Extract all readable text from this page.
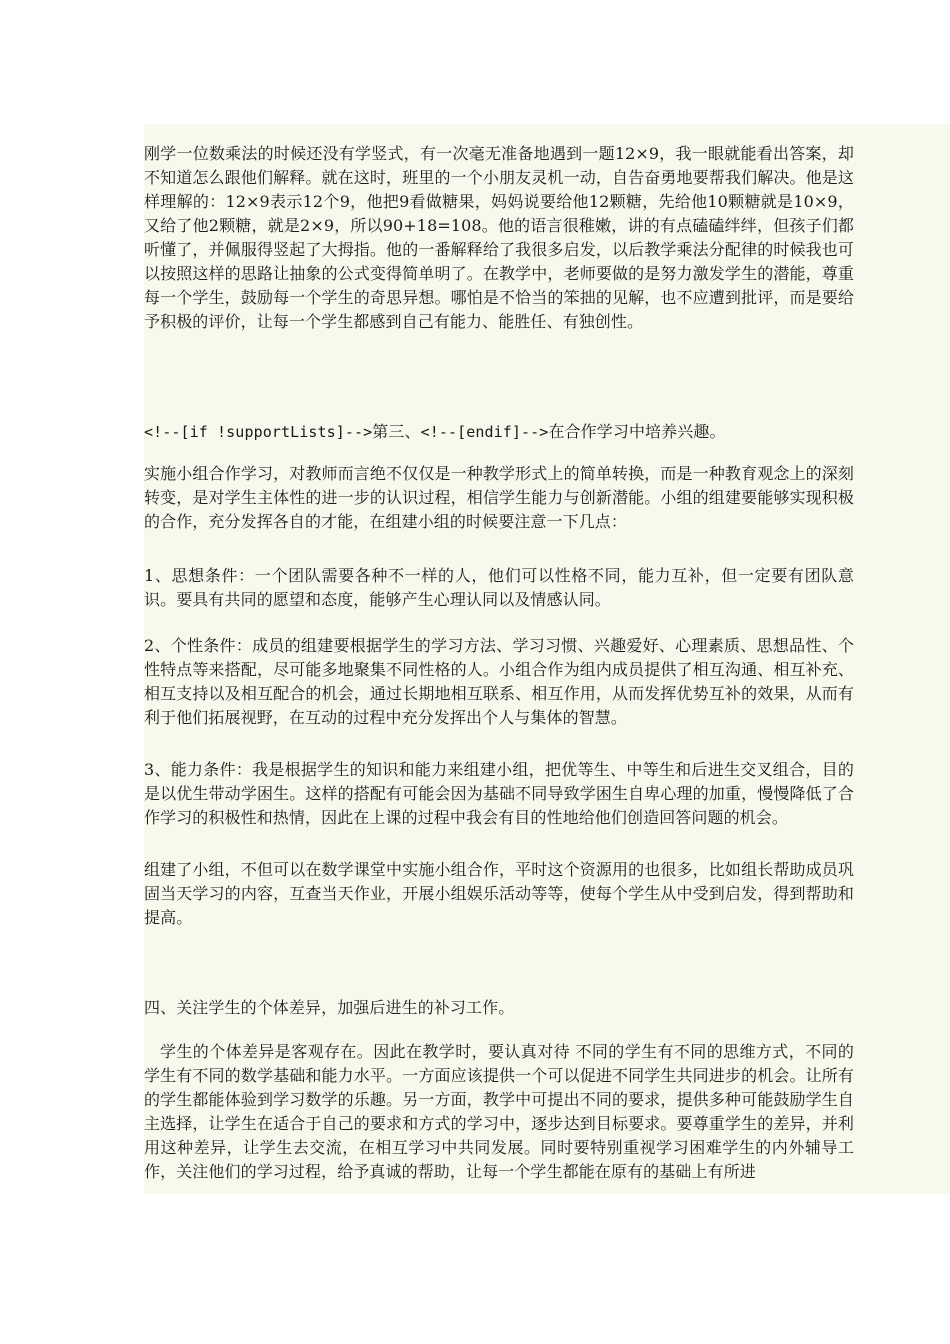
刚学一位数乘法的时候还没有学竖式，有一次毫无准备地遇到一题12×9，我一眼就能看出答案，却不知道怎么跟他们解释。就在这时，班里的一个小朋友灵机一动，自告奋勇地要帮我们解决。他是这样理解的：12×9表示12个9，他把9看做糖果，妈妈说要给他12颗糖，先给他10颗糖就是10×9，又给了他2颗糖，就是2×9，所以90+18=108。他的语言很稚嫩，讲的有点磕磕绊绊，但孩子们都听懂了，并佩服得竖起了大拇指。他的一番解释给了我很多启发，以后教学乘法分配律的时候我也可以按照这样的思路让抽象的公式变得简单明了。在教学中，老师要做的是努力激发学生的潜能，尊重每一个学生，鼓励每一个学生的奇思异想。哪怕是不恰当的笨拙的见解，也不应遭到批评，而是要给予积极的评价，让每一个学生都感到自己有能力、能胜任、有独创性。

<!--[if !supportLists]-->第三、<!--[endif]-->在合作学习中培养兴趣。

实施小组合作学习，对教师而言绝不仅仅是一种教学形式上的简单转换，而是一种教育观念上的深刻转变，是对学生主体性的进一步的认识过程，相信学生能力与创新潜能。小组的组建要能够实现积极的合作，充分发挥各自的才能，在组建小组的时候要注意一下几点：

1、思想条件：一个团队需要各种不一样的人，他们可以性格不同，能力互补，但一定要有团队意识。要具有共同的愿望和态度，能够产生心理认同以及情感认同。

2、个性条件：成员的组建要根据学生的学习方法、学习习惯、兴趣爱好、心理素质、思想品性、个性特点等来搭配，尽可能多地聚集不同性格的人。小组合作为组内成员提供了相互沟通、相互补充、相互支持以及相互配合的机会，通过长期地相互联系、相互作用，从而发挥优势互补的效果，从而有利于他们拓展视野，在互动的过程中充分发挥出个人与集体的智慧。

3、能力条件：我是根据学生的知识和能力来组建小组，把优等生、中等生和后进生交叉组合，目的是以优生带动学困生。这样的搭配有可能会因为基础不同导致学困生自卑心理的加重，慢慢降低了合作学习的积极性和热情，因此在上课的过程中我会有目的性地给他们创造回答问题的机会。

组建了小组，不但可以在数学课堂中实施小组合作，平时这个资源用的也很多，比如组长帮助成员巩固当天学习的内容，互查当天作业，开展小组娱乐活动等等，使每个学生从中受到启发，得到帮助和提高。

四、关注学生的个体差异，加强后进生的补习工作。

学生的个体差异是客观存在。因此在教学时，要认真对待 不同的学生有不同的思维方式，不同的学生有不同的数学基础和能力水平。一方面应该提供一个可以促进不同学生共同进步的机会。让所有的学生都能体验到学习数学的乐趣。另一方面，教学中可提出不同的要求，提供多种可能鼓励学生自主选择，让学生在适合于自己的要求和方式的学习中，逐步达到目标要求。要尊重学生的差异，并利用这种差异，让学生去交流，在相互学习中共同发展。同时要特别重视学习困难学生的内外辅导工作，关注他们的学习过程，给予真诚的帮助，让每一个学生都能在原有的基础上有所进
